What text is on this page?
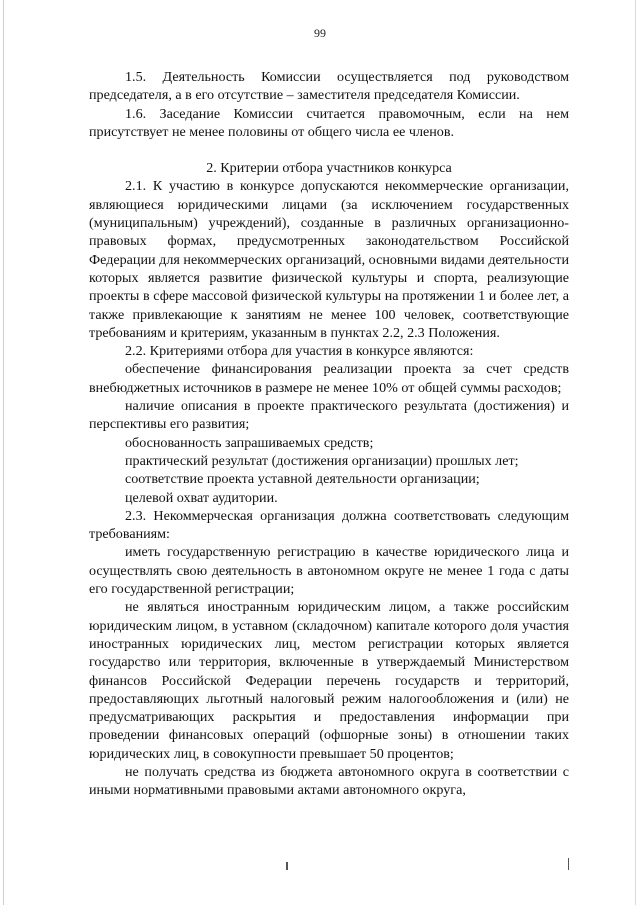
99

1.5. Деятельность Комиссии осуществляется под руководством председателя, а в его отсутствие – заместителя председателя Комиссии.

1.6. Заседание Комиссии считается правомочным, если на нем присутствует не менее половины от общего числа ее членов.

2. Критерии отбора участников конкурса

2.1. К участию в конкурсе допускаются некоммерческие организации, являющиеся юридическими лицами (за исключением государственных (муниципальным) учреждений), созданные в различных организационно-правовых формах, предусмотренных законодательством Российской Федерации для некоммерческих организаций, основными видами деятельности которых является развитие физической культуры и спорта, реализующие проекты в сфере массовой физической культуры на протяжении 1 и более лет, а также привлекающие к занятиям не менее 100 человек, соответствующие требованиям и критериям, указанным в пунктах 2.2, 2.3 Положения.

2.2. Критериями отбора для участия в конкурсе являются:

обеспечение финансирования реализации проекта за счет средств внебюджетных источников в размере не менее 10% от общей суммы расходов;

наличие описания в проекте практического результата (достижения) и перспективы его развития;

обоснованность запрашиваемых средств;

практический результат (достижения организации) прошлых лет;

соответствие проекта уставной деятельности организации;

целевой охват аудитории.

2.3. Некоммерческая организация должна соответствовать следующим требованиям:

иметь государственную регистрацию в качестве юридического лица и осуществлять свою деятельность в автономном округе не менее 1 года с даты его государственной регистрации;

не являться иностранным юридическим лицом, а также российским юридическим лицом, в уставном (складочном) капитале которого доля участия иностранных юридических лиц, местом регистрации которых является государство или территория, включенные в утверждаемый Министерством финансов Российской Федерации перечень государств и территорий, предоставляющих льготный налоговый режим налогообложения и (или) не предусматривающих раскрытия и предоставления информации при проведении финансовых операций (офшорные зоны) в отношении таких юридических лиц, в совокупности превышает 50 процентов;

не получать средства из бюджета автономного округа в соответствии с иными нормативными правовыми актами автономного округа,
